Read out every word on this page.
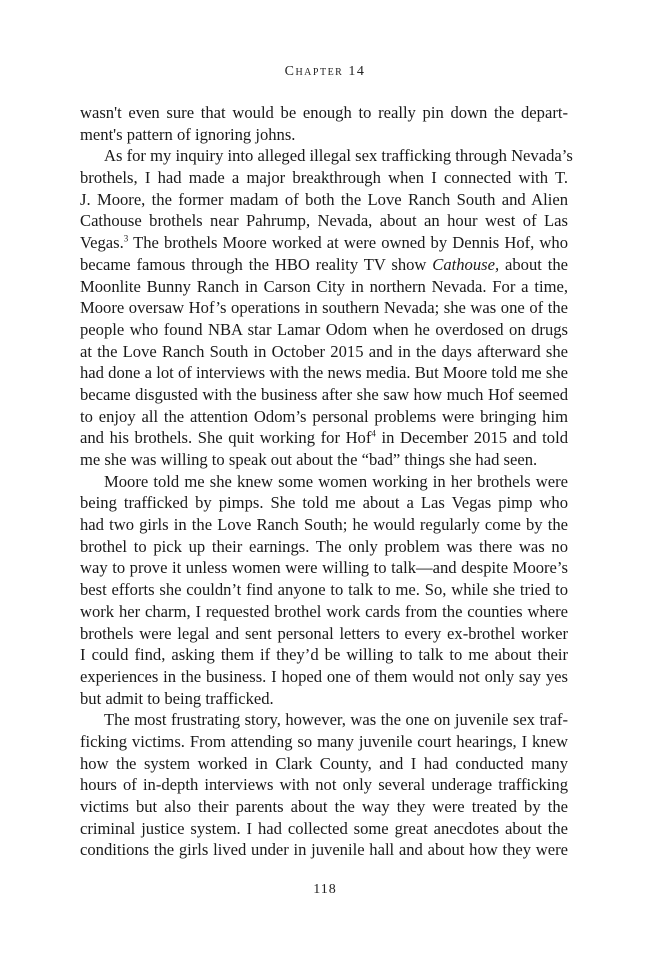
Chapter 14
wasn't even sure that would be enough to really pin down the depart-
ment's pattern of ignoring johns.
As for my inquiry into alleged illegal sex trafficking through Nevada’s
brothels, I had made a major breakthrough when I connected with T.
J. Moore, the former madam of both the Love Ranch South and Alien
Cathouse brothels near Pahrump, Nevada, about an hour west of Las
Vegas.$^3$ The brothels Moore worked at were owned by Dennis Hof, who
became famous through the HBO reality TV show Cathouse, about the
Moonlite Bunny Ranch in Carson City in northern Nevada. For a time,
Moore oversaw Hof’s operations in southern Nevada; she was one of the
people who found NBA star Lamar Odom when he overdosed on drugs
at the Love Ranch South in October 2015 and in the days afterward she
had done a lot of interviews with the news media. But Moore told me she
became disgusted with the business after she saw how much Hof seemed
to enjoy all the attention Odom’s personal problems were bringing him
and his brothels. She quit working for Hof$^4$ in December 2015 and told
me she was willing to speak out about the “bad” things she had seen.
Moore told me she knew some women working in her brothels were
being trafficked by pimps. She told me about a Las Vegas pimp who
had two girls in the Love Ranch South; he would regularly come by the
brothel to pick up their earnings. The only problem was there was no
way to prove it unless women were willing to talk—and despite Moore’s
best efforts she couldn’t find anyone to talk to me. So, while she tried to
work her charm, I requested brothel work cards from the counties where
brothels were legal and sent personal letters to every ex-brothel worker
I could find, asking them if they’d be willing to talk to me about their
experiences in the business. I hoped one of them would not only say yes
but admit to being trafficked.
The most frustrating story, however, was the one on juvenile sex traf-
ficking victims. From attending so many juvenile court hearings, I knew
how the system worked in Clark County, and I had conducted many
hours of in-depth interviews with not only several underage trafficking
victims but also their parents about the way they were treated by the
criminal justice system. I had collected some great anecdotes about the
conditions the girls lived under in juvenile hall and about how they were
118
